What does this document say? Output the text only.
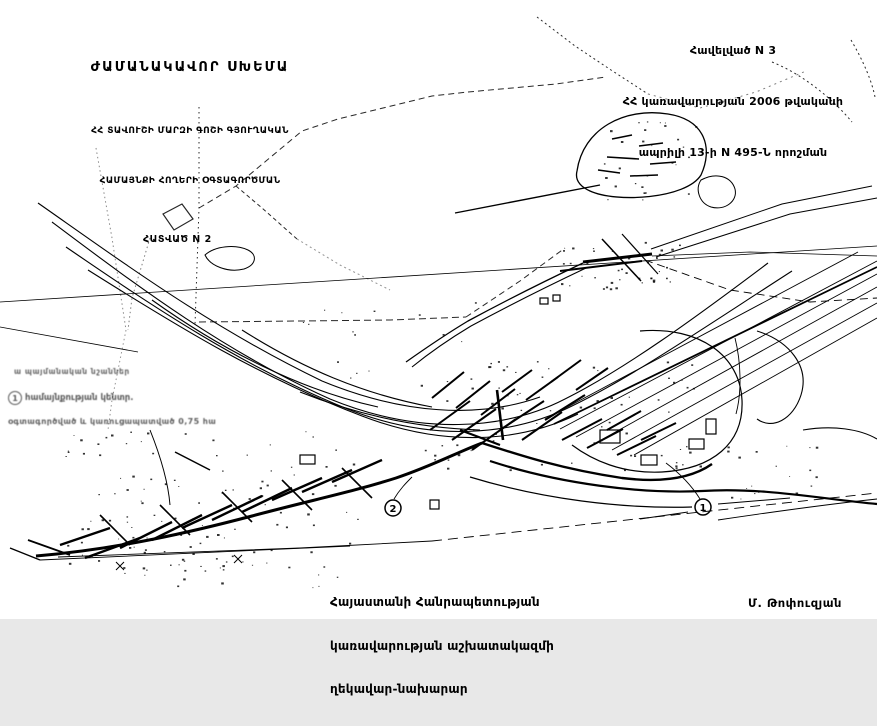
1
2

ԺԱՄԱՆԱԿԱՎՈՐ ՍԽԵՄԱ

ՀՀ ՏԱՎՈՒՇԻ ՄԱՐԶԻ ԳՈՇԻ ԳՅՈՒՂԱԿԱՆ

ՀԱՄԱՅՆՔԻ ՀՈՂԵՐԻ ՕԳՏԱԳՈՐԾՄԱՆ

ՀԱՏՎԱԾ N 2

Հավելված N 3

ՀՀ կառավարության 2006 թվականի

ապրիլի 13-ի N 495-Ն որոշման

ա պայմանական նշաններ

1 համայնքության կենտր.

օգտագործված և կառուցապատված 0,75 հա

Հայաստանի Հանրապետության

կառավարության աշխատակազմի

ղեկավար-նախարար

Մ. Թոփուզյան
